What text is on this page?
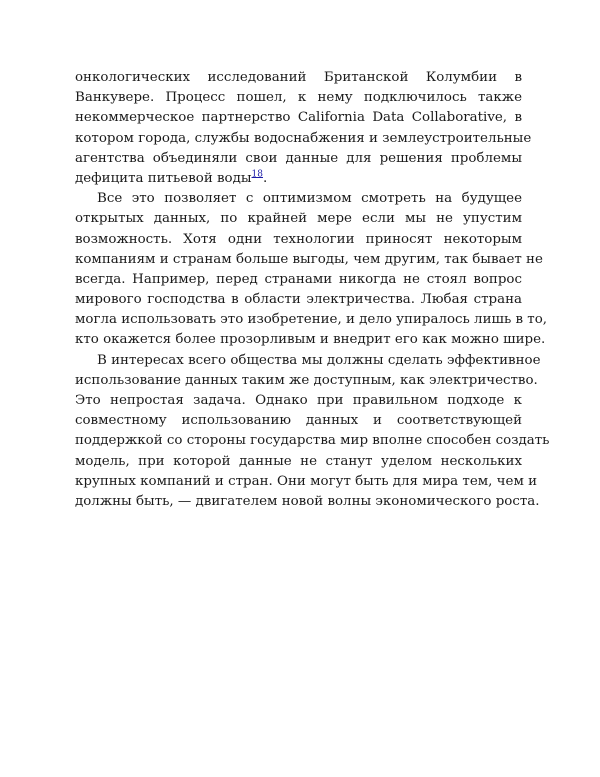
онкологических исследований Британской Колумбии в
Ванкувере. Процесс пошел, к нему подключилось также
некоммерческое партнерство California Data Collaborative, в
котором города, службы водоснабжения и землеустроительные
агентства объединяли свои данные для решения проблемы
дефицита питьевой воды$^{18}$.
Все это позволяет с оптимизмом смотреть на будущее
открытых данных, по крайней мере если мы не упустим
возможность. Хотя одни технологии приносят некоторым
компаниям и странам больше выгоды, чем другим, так бывает не
всегда. Например, перед странами никогда не стоял вопрос
мирового господства в области электричества. Любая страна
могла использовать это изобретение, и дело упиралось лишь в то,
кто окажется более прозорливым и внедрит его как можно шире.
В интересах всего общества мы должны сделать эффективное
использование данных таким же доступным, как электричество.
Это непростая задача. Однако при правильном подходе к
совместному использованию данных и соответствующей
поддержкой со стороны государства мир вполне способен создать
модель, при которой данные не станут уделом нескольких
крупных компаний и стран. Они могут быть для мира тем, чем и
должны быть, — двигателем новой волны экономического роста.
